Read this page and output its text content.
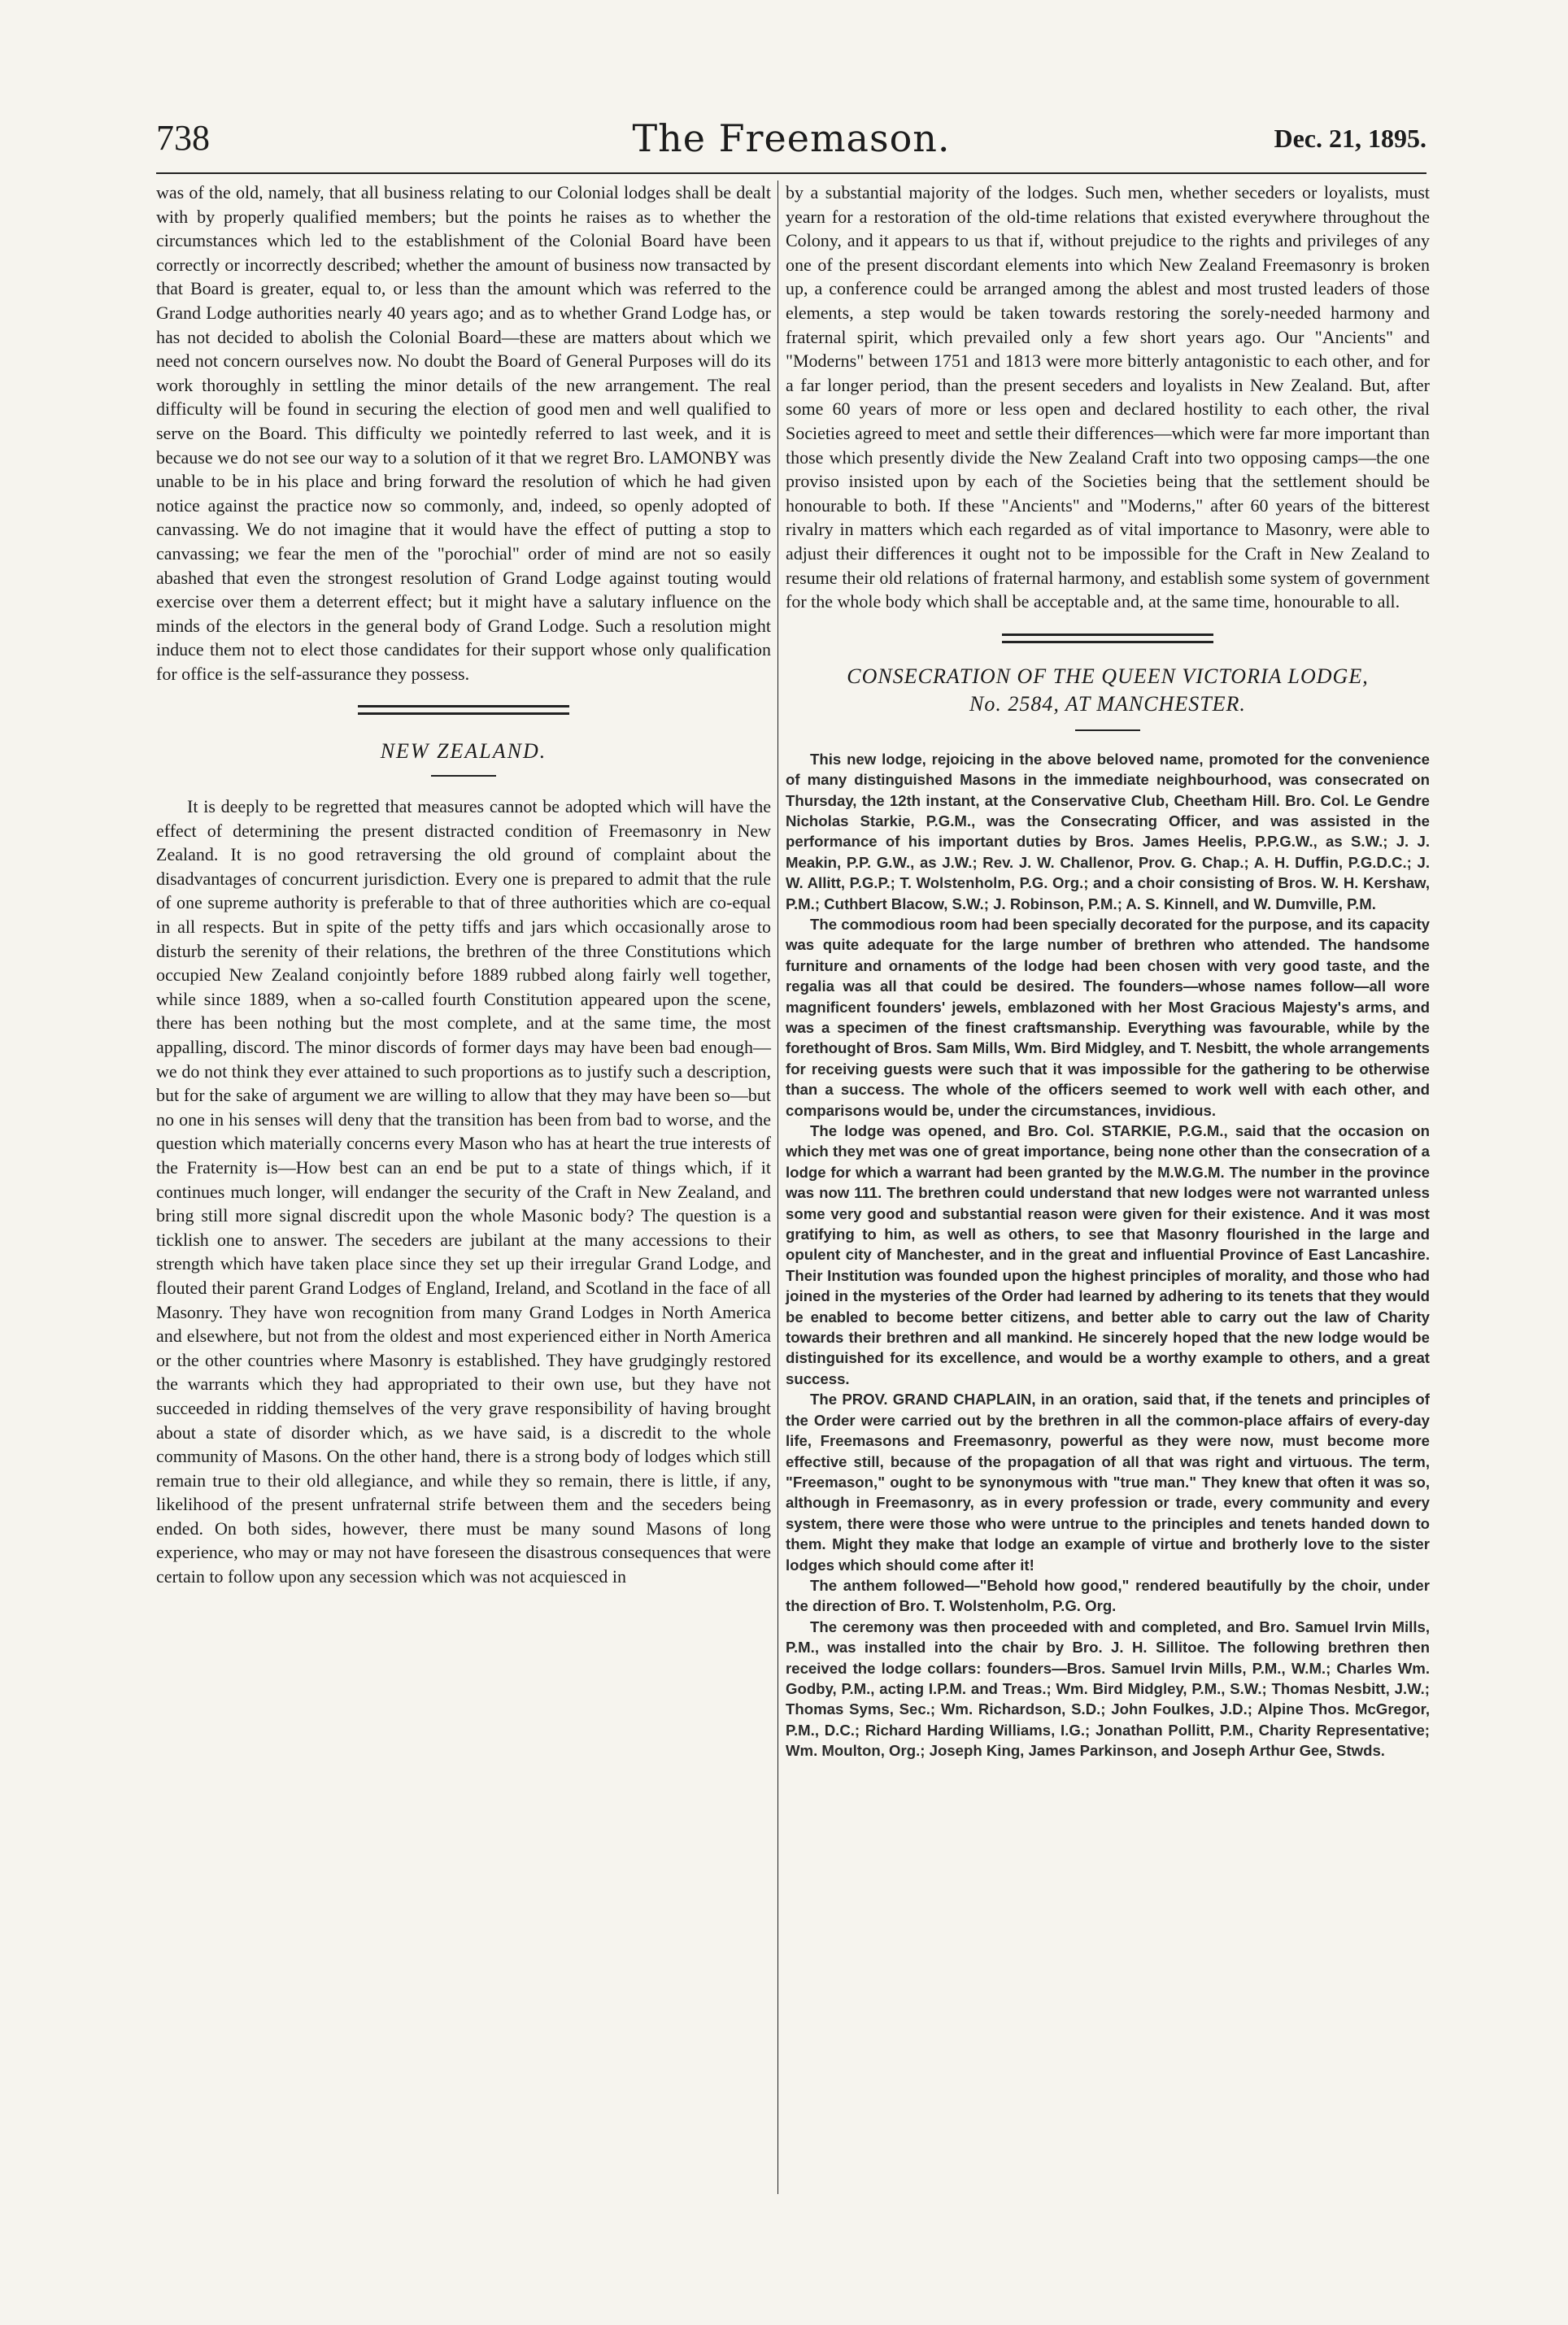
738	The Freemason.	Dec. 21, 1895.

was of the old, namely, that all business relating to our Colonial lodges shall be dealt with by properly qualified members; but the points he raises as to whether the circumstances which led to the establishment of the Colonial Board have been correctly or incorrectly described; whether the amount of business now transacted by that Board is greater, equal to, or less than the amount which was referred to the Grand Lodge authorities nearly 40 years ago; and as to whether Grand Lodge has, or has not decided to abolish the Colonial Board—these are matters about which we need not concern ourselves now. No doubt the Board of General Purposes will do its work thoroughly in settling the minor details of the new arrangement. The real difficulty will be found in securing the election of good men and well qualified to serve on the Board. This difficulty we pointedly referred to last week, and it is because we do not see our way to a solution of it that we regret Bro. LAMONBY was unable to be in his place and bring forward the resolution of which he had given notice against the practice now so commonly, and, indeed, so openly adopted of canvassing. We do not imagine that it would have the effect of putting a stop to canvassing; we fear the men of the "porochial" order of mind are not so easily abashed that even the strongest resolution of Grand Lodge against touting would exercise over them a deterrent effect; but it might have a salutary influence on the minds of the electors in the general body of Grand Lodge. Such a resolution might induce them not to elect those candidates for their support whose only qualification for office is the self-assurance they possess.

NEW ZEALAND.

It is deeply to be regretted that measures cannot be adopted which will have the effect of determining the present distracted condition of Freemasonry in New Zealand. It is no good retraversing the old ground of complaint about the disadvantages of concurrent jurisdiction. Every one is prepared to admit that the rule of one supreme authority is preferable to that of three authorities which are co-equal in all respects. But in spite of the petty tiffs and jars which occasionally arose to disturb the serenity of their relations, the brethren of the three Constitutions which occupied New Zealand conjointly before 1889 rubbed along fairly well together, while since 1889, when a so-called fourth Constitution appeared upon the scene, there has been nothing but the most complete, and at the same time, the most appalling, discord. The minor discords of former days may have been bad enough—we do not think they ever attained to such proportions as to justify such a description, but for the sake of argument we are willing to allow that they may have been so—but no one in his senses will deny that the transition has been from bad to worse, and the question which materially concerns every Mason who has at heart the true interests of the Fraternity is—How best can an end be put to a state of things which, if it continues much longer, will endanger the security of the Craft in New Zealand, and bring still more signal discredit upon the whole Masonic body? The question is a ticklish one to answer. The seceders are jubilant at the many accessions to their strength which have taken place since they set up their irregular Grand Lodge, and flouted their parent Grand Lodges of England, Ireland, and Scotland in the face of all Masonry. They have won recognition from many Grand Lodges in North America and elsewhere, but not from the oldest and most experienced either in North America or the other countries where Masonry is established. They have grudgingly restored the warrants which they had appropriated to their own use, but they have not succeeded in ridding themselves of the very grave responsibility of having brought about a state of disorder which, as we have said, is a discredit to the whole community of Masons. On the other hand, there is a strong body of lodges which still remain true to their old allegiance, and while they so remain, there is little, if any, likelihood of the present unfraternal strife between them and the seceders being ended. On both sides, however, there must be many sound Masons of long experience, who may or may not have foreseen the disastrous consequences that were certain to follow upon any secession which was not acquiesced in

by a substantial majority of the lodges. Such men, whether seceders or loyalists, must yearn for a restoration of the old-time relations that existed everywhere throughout the Colony, and it appears to us that if, without prejudice to the rights and privileges of any one of the present discordant elements into which New Zealand Freemasonry is broken up, a conference could be arranged among the ablest and most trusted leaders of those elements, a step would be taken towards restoring the sorely-needed harmony and fraternal spirit, which prevailed only a few short years ago. Our "Ancients" and "Moderns" between 1751 and 1813 were more bitterly antagonistic to each other, and for a far longer period, than the present seceders and loyalists in New Zealand. But, after some 60 years of more or less open and declared hostility to each other, the rival Societies agreed to meet and settle their differences—which were far more important than those which presently divide the New Zealand Craft into two opposing camps—the one proviso insisted upon by each of the Societies being that the settlement should be honourable to both. If these "Ancients" and "Moderns," after 60 years of the bitterest rivalry in matters which each regarded as of vital importance to Masonry, were able to adjust their differences it ought not to be impossible for the Craft in New Zealand to resume their old relations of fraternal harmony, and establish some system of government for the whole body which shall be acceptable and, at the same time, honourable to all.

CONSECRATION OF THE QUEEN VICTORIA LODGE,
No. 2584, AT MANCHESTER.

This new lodge, rejoicing in the above beloved name, promoted for the convenience of many distinguished Masons in the immediate neighbourhood, was consecrated on Thursday, the 12th instant, at the Conservative Club, Cheetham Hill. Bro. Col. Le Gendre Nicholas Starkie, P.G.M., was the Consecrating Officer, and was assisted in the performance of his important duties by Bros. James Heelis, P.P.G.W., as S.W.; J. J. Meakin, P.P. G.W., as J.W.; Rev. J. W. Challenor, Prov. G. Chap.; A. H. Duffin, P.G.D.C.; J. W. Allitt, P.G.P.; T. Wolstenholm, P.G. Org.; and a choir consisting of Bros. W. H. Kershaw, P.M.; Cuthbert Blacow, S.W.; J. Robinson, P.M.; A. S. Kinnell, and W. Dumville, P.M.

The commodious room had been specially decorated for the purpose, and its capacity was quite adequate for the large number of brethren who attended. The handsome furniture and ornaments of the lodge had been chosen with very good taste, and the regalia was all that could be desired. The founders—whose names follow—all wore magnificent founders' jewels, emblazoned with her Most Gracious Majesty's arms, and was a specimen of the finest craftsmanship. Everything was favourable, while by the forethought of Bros. Sam Mills, Wm. Bird Midgley, and T. Nesbitt, the whole arrangements for receiving guests were such that it was impossible for the gathering to be otherwise than a success. The whole of the officers seemed to work well with each other, and comparisons would be, under the circumstances, invidious.

The lodge was opened, and Bro. Col. STARKIE, P.G.M., said that the occasion on which they met was one of great importance, being none other than the consecration of a lodge for which a warrant had been granted by the M.W.G.M. The number in the province was now 111. The brethren could understand that new lodges were not warranted unless some very good and substantial reason were given for their existence. And it was most gratifying to him, as well as others, to see that Masonry flourished in the large and opulent city of Manchester, and in the great and influential Province of East Lancashire. Their Institution was founded upon the highest principles of morality, and those who had joined in the mysteries of the Order had learned by adhering to its tenets that they would be enabled to become better citizens, and better able to carry out the law of Charity towards their brethren and all mankind. He sincerely hoped that the new lodge would be distinguished for its excellence, and would be a worthy example to others, and a great success.

The PROV. GRAND CHAPLAIN, in an oration, said that, if the tenets and principles of the Order were carried out by the brethren in all the common-place affairs of every-day life, Freemasons and Freemasonry, powerful as they were now, must become more effective still, because of the propagation of all that was right and virtuous. The term, "Freemason," ought to be synonymous with "true man." They knew that often it was so, although in Freemasonry, as in every profession or trade, every community and every system, there were those who were untrue to the principles and tenets handed down to them. Might they make that lodge an example of virtue and brotherly love to the sister lodges which should come after it!

The anthem followed—"Behold how good," rendered beautifully by the choir, under the direction of Bro. T. Wolstenholm, P.G. Org.

The ceremony was then proceeded with and completed, and Bro. Samuel Irvin Mills, P.M., was installed into the chair by Bro. J. H. Sillitoe. The following brethren then received the lodge collars: founders—Bros. Samuel Irvin Mills, P.M., W.M.; Charles Wm. Godby, P.M., acting I.P.M. and Treas.; Wm. Bird Midgley, P.M., S.W.; Thomas Nesbitt, J.W.; Thomas Syms, Sec.; Wm. Richardson, S.D.; John Foulkes, J.D.; Alpine Thos. McGregor, P.M., D.C.; Richard Harding Williams, I.G.; Jonathan Pollitt, P.M., Charity Representative; Wm. Moulton, Org.; Joseph King, James Parkinson, and Joseph Arthur Gee, Stwds.
